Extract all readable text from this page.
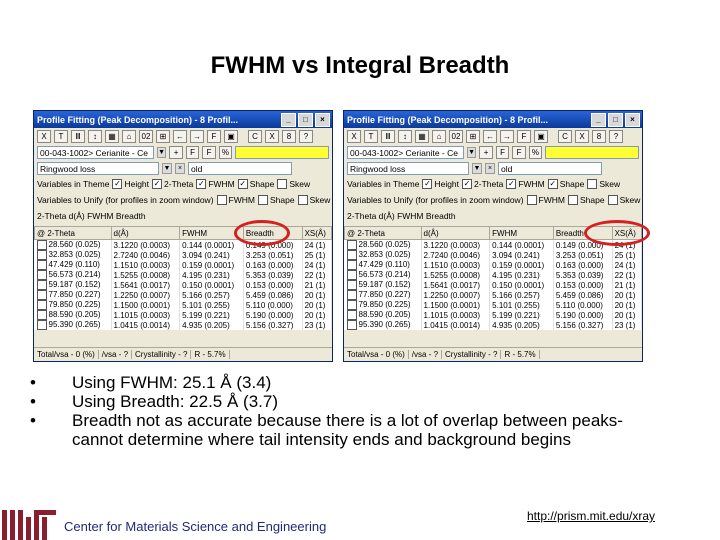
FWHM vs Integral Breadth
Profile Fitting (Peak Decomposition) - 8 Profil...	_	□	×
X	T	Ⅲ	↕	▦	⌂	02	⊞	←	→	F	▣	C	X	8	?
00-043-1002> Cerianite - Ce	▼	+	F	F	%
Ringwood loss	▼	×	old
Variables in Theme ✓ Height ✓ 2-Theta ✓ FWHM ✓ Shape Skew
Variables to Unify (for profiles in zoom window) FWHM Shape Skew
2-Theta d(Å) FWHM Breadth
@ 2-Theta	d(Å)	FWHM	Breadth	XS(Å)
28.560 (0.025)	3.1220 (0.0003)	0.144 (0.0001)	0.149 (0.000)	24 (1)
32.853 (0.025)	2.7240 (0.0046)	3.094 (0.241)	3.253 (0.051)	25 (1)
47.429 (0.110)	1.1510 (0.0003)	0.159 (0.0001)	0.163 (0.000)	24 (1)
56.573 (0.214)	1.5255 (0.0008)	4.195 (0.231)	5.353 (0.039)	22 (1)
59.187 (0.152)	1.5641 (0.0017)	0.150 (0.0001)	0.153 (0.000)	21 (1)
77.850 (0.227)	1.2250 (0.0007)	5.166 (0.257)	5.459 (0.086)	20 (1)
79.850 (0.225)	1.1500 (0.0001)	5.101 (0.255)	5.110 (0.000)	20 (1)
88.590 (0.205)	1.1015 (0.0003)	5.199 (0.221)	5.190 (0.000)	20 (1)
95.390 (0.265)	1.0415 (0.0014)	4.935 (0.205)	5.156 (0.327)	23 (1)
Total/vsa - 0 (%) /vsa - ? Crystallinity - ? R - 5.7%
Profile Fitting (Peak Decomposition) - 8 Profil...	_	□	×
X	T	Ⅲ	↕	▦	⌂	02	⊞	←	→	F	▣	C	X	8	?
00-043-1002> Cerianite - Ce	▼	+	F	F	%
Ringwood loss	▼	×	old
Variables in Theme ✓ Height ✓ 2-Theta ✓ FWHM ✓ Shape Skew
Variables to Unify (for profiles in zoom window) FWHM Shape Skew
2-Theta d(Å) FWHM Breadth
@ 2-Theta	d(Å)	FWHM	Breadth	XS(Å)
28.560 (0.025)	3.1220 (0.0003)	0.144 (0.0001)	0.149 (0.000)	24 (1)
32.853 (0.025)	2.7240 (0.0046)	3.094 (0.241)	3.253 (0.051)	25 (1)
47.429 (0.110)	1.1510 (0.0003)	0.159 (0.0001)	0.163 (0.000)	24 (1)
56.573 (0.214)	1.5255 (0.0008)	4.195 (0.231)	5.353 (0.039)	22 (1)
59.187 (0.152)	1.5641 (0.0017)	0.150 (0.0001)	0.153 (0.000)	21 (1)
77.850 (0.227)	1.2250 (0.0007)	5.166 (0.257)	5.459 (0.086)	20 (1)
79.850 (0.225)	1.1500 (0.0001)	5.101 (0.255)	5.110 (0.000)	20 (1)
88.590 (0.205)	1.1015 (0.0003)	5.199 (0.221)	5.190 (0.000)	20 (1)
95.390 (0.265)	1.0415 (0.0014)	4.935 (0.205)	5.156 (0.327)	23 (1)
Total/vsa - 0 (%) /vsa - ? Crystallinity - ? R - 5.7%
•	Using FWHM: 25.1 Å (3.4)
•	Using Breadth: 22.5 Å (3.7)
•	Breadth not as accurate because there is a lot of overlap between peaks- cannot determine where tail intensity ends and background begins
Center for Materials Science and Engineering
http://prism.mit.edu/xray
